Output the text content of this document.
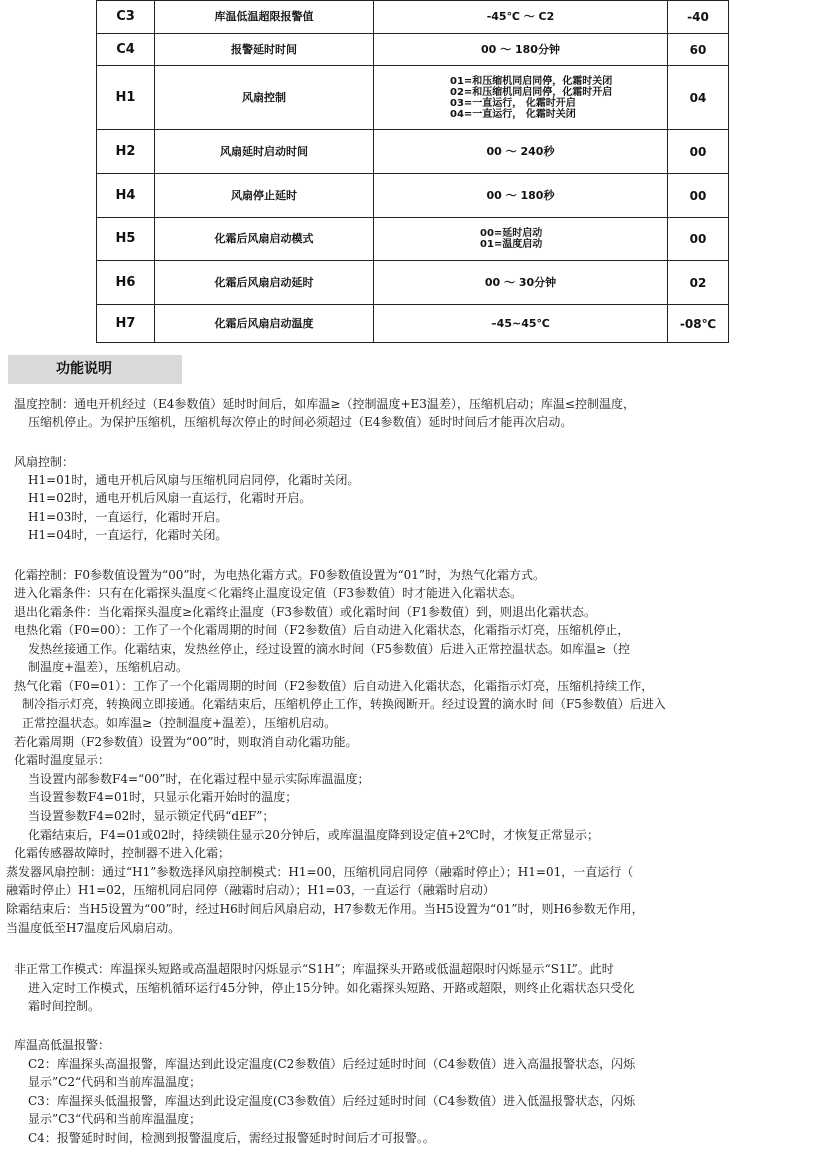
C3	库温低温超限报警值	-45℃ ～ C2	-40
C4	报警延时时间	00 ～ 180分钟	60
H1	风扇控制	01=和压缩机同启同停，化霜时关闭
02=和压缩机同启同停，化霜时开启
03=一直运行， 化霜时开启
04=一直运行， 化霜时关闭	04
H2	风扇延时启动时间	00 ～ 240秒	00
H4	风扇停止延时	00 ～ 180秒	00
H5	化霜后风扇启动模式	00=延时启动
01=温度启动	00
H6	化霜后风扇启动延时	00 ～ 30分钟	02
H7	化霜后风扇启动温度	–45~45℃	-08℃
功能说明
温度控制：通电开机经过（E4参数值）延时时间后，如库温≥（控制温度+E3温差），压缩机启动；库温≤控制温度，
压缩机停止。为保护压缩机，压缩机每次停止的时间必须超过（E4参数值）延时时间后才能再次启动。
风扇控制：
H1=01时，通电开机后风扇与压缩机同启同停，化霜时关闭。
H1=02时，通电开机后风扇一直运行，化霜时开启。
H1=03时，一直运行，化霜时开启。
H1=04时，一直运行，化霜时关闭。
化霜控制：F0参数值设置为“00”时，为电热化霜方式。F0参数值设置为“01”时，为热气化霜方式。
进入化霜条件：只有在化霜探头温度＜化霜终止温度设定值（F3参数值）时才能进入化霜状态。
退出化霜条件：当化霜探头温度≥化霜终止温度（F3参数值）或化霜时间（F1参数值）到，则退出化霜状态。
电热化霜（F0=00）：工作了一个化霜周期的时间（F2参数值）后自动进入化霜状态，化霜指示灯亮，压缩机停止，
发热丝接通工作。化霜结束，发热丝停止，经过设置的滴水时间（F5参数值）后进入正常控温状态。如库温≥（控
制温度+温差），压缩机启动。
热气化霜（F0=01）：工作了一个化霜周期的时间（F2参数值）后自动进入化霜状态，化霜指示灯亮，压缩机持续工作，
制冷指示灯亮，转换阀立即接通。化霜结束后，压缩机停止工作，转换阀断开。经过设置的滴水时 间（F5参数值）后进入
正常控温状态。如库温≥（控制温度+温差），压缩机启动。
若化霜周期（F2参数值）设置为“00”时，则取消自动化霜功能。
化霜时温度显示：
当设置内部参数F4=“00”时，在化霜过程中显示实际库温温度；
当设置参数F4=01时，只显示化霜开始时的温度；
当设置参数F4=02时，显示锁定代码“dEF”；
化霜结束后，F4=01或02时，持续锁住显示20分钟后，或库温温度降到设定值+2℃时，才恢复正常显示；
化霜传感器故障时，控制器不进入化霜；
蒸发器风扇控制：通过“H1”参数选择风扇控制模式：H1=00，压缩机同启同停（融霜时停止）；H1=01，一直运行（
融霜时停止）H1=02，压缩机同启同停（融霜时启动）；H1=03，一直运行（融霜时启动）
除霜结束后：当H5设置为“00”时，经过H6时间后风扇启动，H7参数无作用。当H5设置为“01”时，则H6参数无作用，
当温度低至H7温度后风扇启动。
非正常工作模式：库温探头短路或高温超限时闪烁显示“S1H”；库温探头开路或低温超限时闪烁显示“S1L”。此时
进入定时工作模式，压缩机循环运行45分钟，停止15分钟。如化霜探头短路、开路或超限，则终止化霜状态只受化
霜时间控制。
库温高低温报警：
C2：库温探头高温报警，库温达到此设定温度(C2参数值）后经过延时时间（C4参数值）进入高温报警状态，闪烁
显示”C2“代码和当前库温温度；
C3：库温探头低温报警，库温达到此设定温度(C3参数值）后经过延时时间（C4参数值）进入低温报警状态，闪烁
显示”C3“代码和当前库温温度；
C4：报警延时时间，检测到报警温度后，需经过报警延时时间后才可报警。。
